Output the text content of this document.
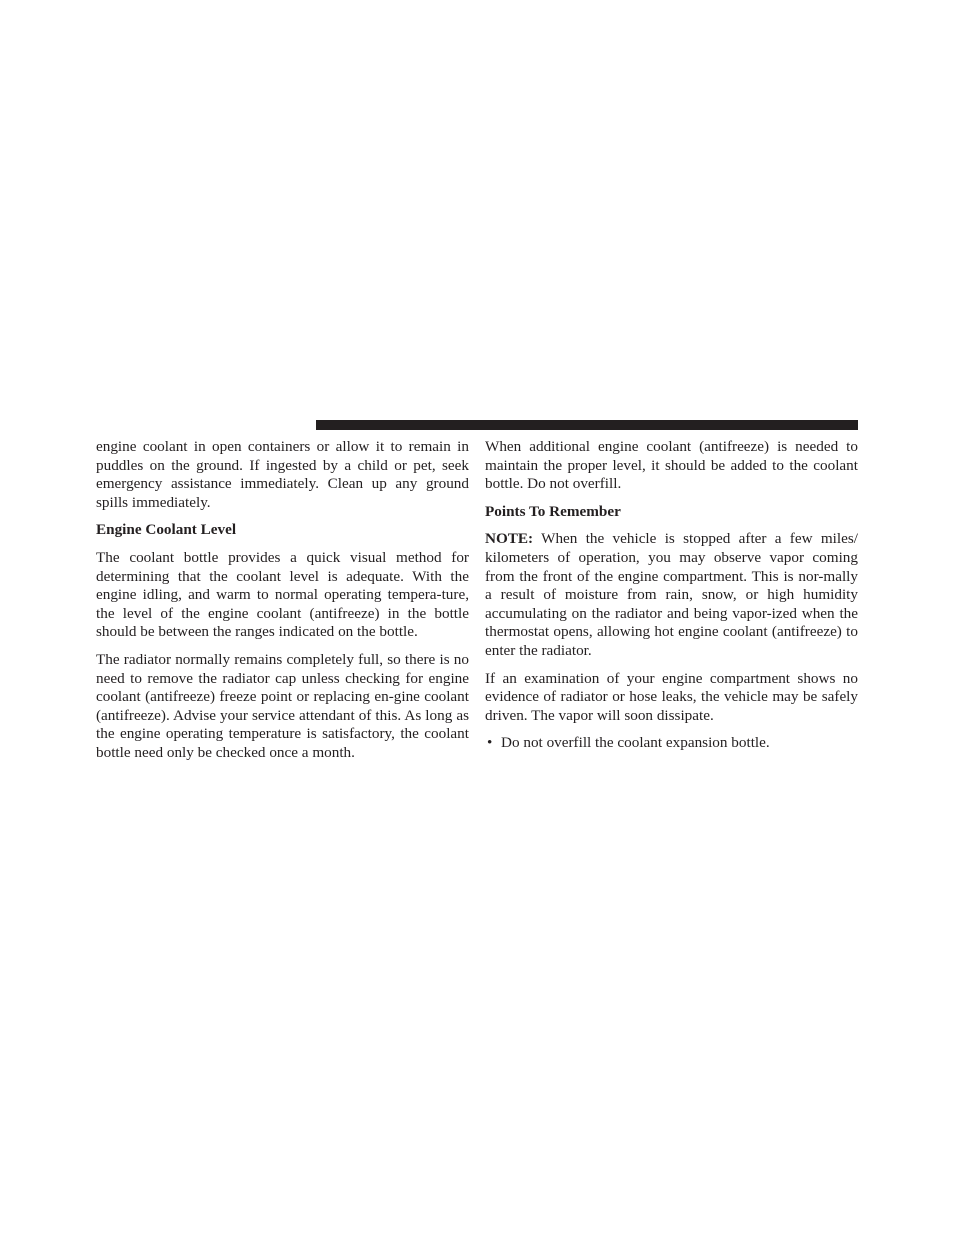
engine coolant in open containers or allow it to remain in puddles on the ground. If ingested by a child or pet, seek emergency assistance immediately. Clean up any ground spills immediately.

Engine Coolant Level

The coolant bottle provides a quick visual method for determining that the coolant level is adequate. With the engine idling, and warm to normal operating tempera-ture, the level of the engine coolant (antifreeze) in the bottle should be between the ranges indicated on the bottle.

The radiator normally remains completely full, so there is no need to remove the radiator cap unless checking for engine coolant (antifreeze) freeze point or replacing en-gine coolant (antifreeze). Advise your service attendant of this. As long as the engine operating temperature is satisfactory, the coolant bottle need only be checked once a month.

When additional engine coolant (antifreeze) is needed to maintain the proper level, it should be added to the coolant bottle. Do not overfill.

Points To Remember

NOTE: When the vehicle is stopped after a few miles/ kilometers of operation, you may observe vapor coming from the front of the engine compartment. This is nor-mally a result of moisture from rain, snow, or high humidity accumulating on the radiator and being vapor-ized when the thermostat opens, allowing hot engine coolant (antifreeze) to enter the radiator.

If an examination of your engine compartment shows no evidence of radiator or hose leaks, the vehicle may be safely driven. The vapor will soon dissipate.

• Do not overfill the coolant expansion bottle.
